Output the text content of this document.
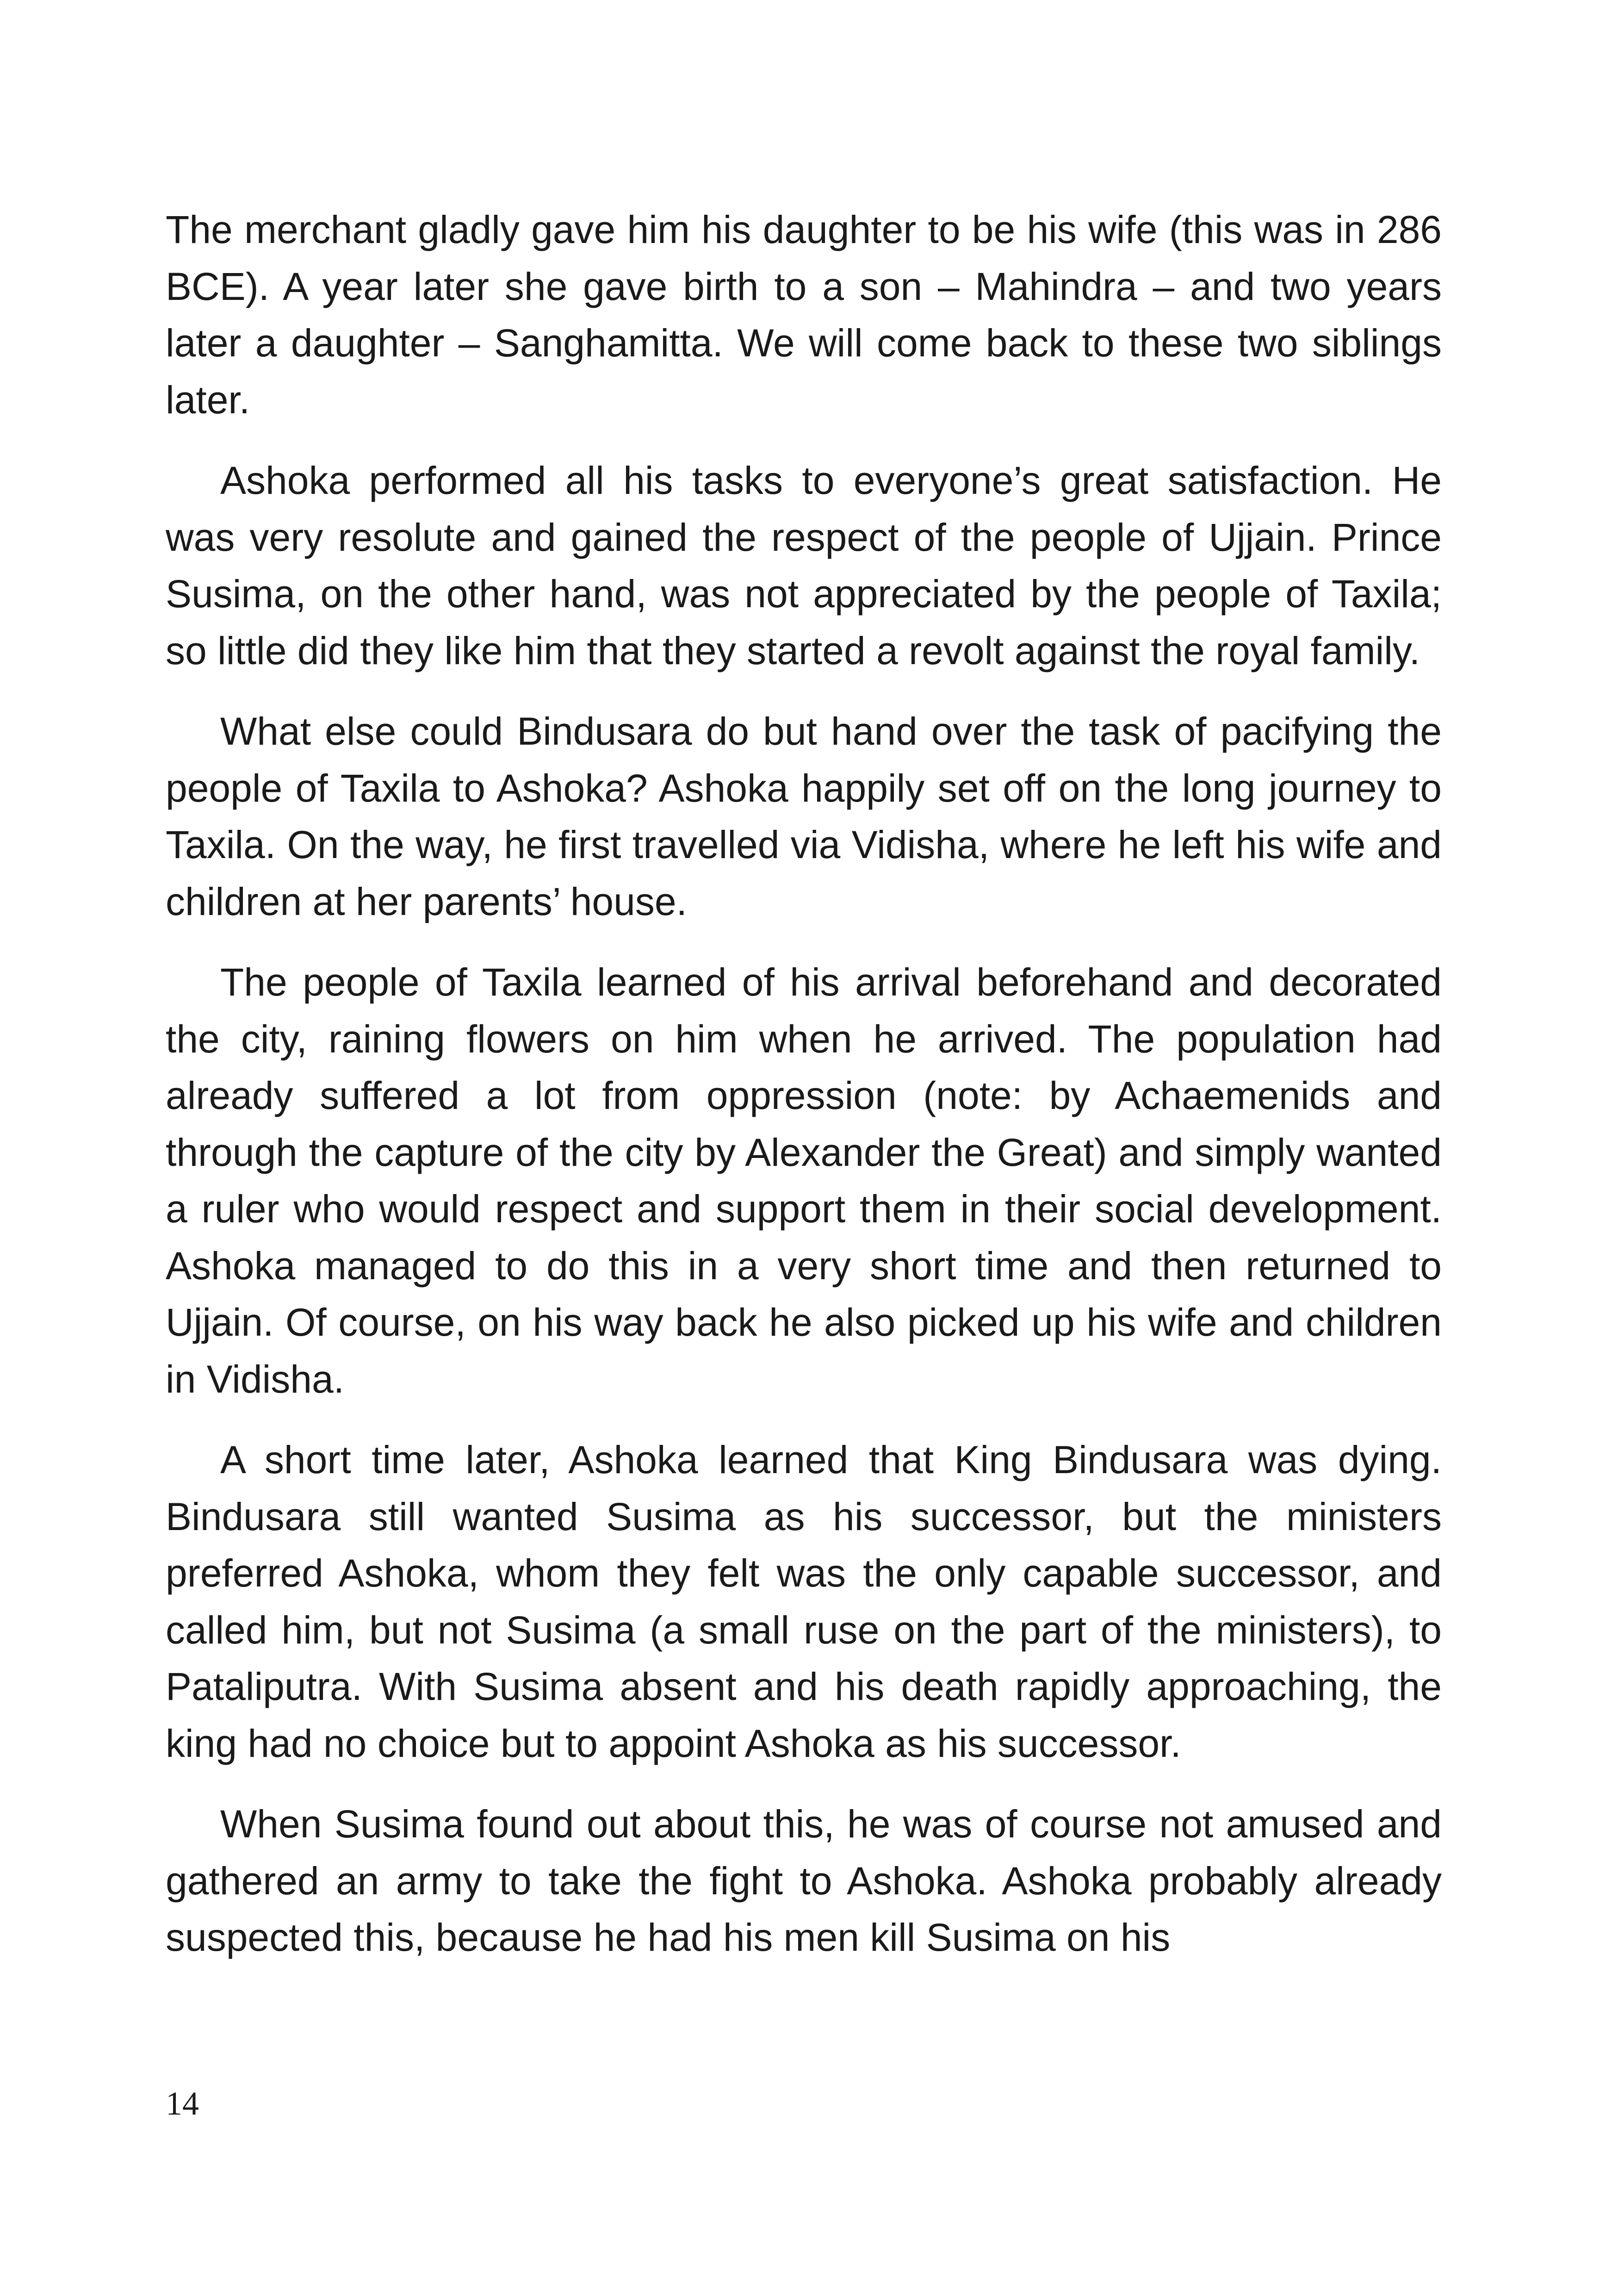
The merchant gladly gave him his daughter to be his wife (this was in 286 BCE). A year later she gave birth to a son – Mahindra – and two years later a daughter – Sanghamitta. We will come back to these two siblings later.

Ashoka performed all his tasks to everyone’s great satisfaction. He was very resolute and gained the respect of the people of Ujjain. Prince Susima, on the other hand, was not appreciated by the people of Taxila; so little did they like him that they started a revolt against the royal family.

What else could Bindusara do but hand over the task of pacifying the people of Taxila to Ashoka? Ashoka happily set off on the long journey to Taxila. On the way, he first travelled via Vidisha, where he left his wife and children at her parents’ house.

The people of Taxila learned of his arrival beforehand and decorated the city, raining flowers on him when he arrived. The population had already suffered a lot from oppression (note: by Achaemenids and through the capture of the city by Alexander the Great) and simply wanted a ruler who would respect and support them in their social development. Ashoka managed to do this in a very short time and then returned to Ujjain. Of course, on his way back he also picked up his wife and children in Vidisha.

A short time later, Ashoka learned that King Bindusara was dying. Bindusara still wanted Susima as his successor, but the ministers preferred Ashoka, whom they felt was the only capable successor, and called him, but not Susima (a small ruse on the part of the ministers), to Pataliputra. With Susima absent and his death rapidly approaching, the king had no choice but to appoint Ashoka as his successor.

When Susima found out about this, he was of course not amused and gathered an army to take the fight to Ashoka. Ashoka probably already suspected this, because he had his men kill Susima on his

14
